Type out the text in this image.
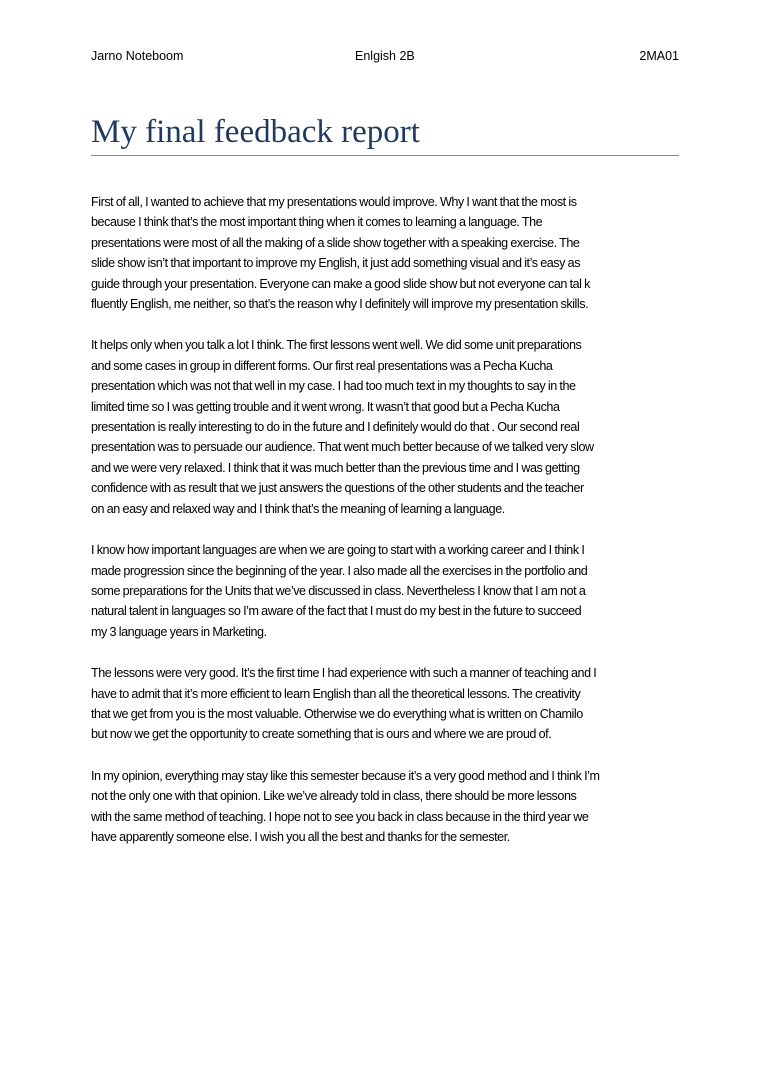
Jarno Noteboom	Enlgish 2B	2MA01
My final feedback report

First of all, I wanted to achieve that my presentations would improve. Why I want that the most is
because I think that’s the most important thing when it comes to learning a language. The
presentations were most of all the making of a slide show together with a speaking exercise. The
slide show isn’t that important to improve my English, it just add something visual and it’s easy as
guide through your presentation. Everyone can make a good slide show but not everyone can tal k
fluently English, me neither, so that’s the reason why I definitely will improve my presentation skills.

It helps only when you talk a lot I think. The first lessons went well. We did some unit preparations
and some cases in group in different forms. Our first real presentations was a Pecha Kucha
presentation which was not that well in my case. I had too much text in my thoughts to say in the
limited time so I was getting trouble and it went wrong. It wasn’t that good but a Pecha Kucha
presentation is really interesting to do in the future and I definitely would do that . Our second real
presentation was to persuade our audience. That went much better because of we talked very slow
and we were very relaxed. I think that it was much better than the previous time and I was getting
confidence with as result that we just answers the questions of the other students and the teacher
on an easy and relaxed way and I think that’s the meaning of learning a language.

I know how important languages are when we are going to start with a working career and I think I
made progression since the beginning of the year. I also made all the exercises in the portfolio and
some preparations for the Units that we’ve discussed in class. Nevertheless I know that I am not a
natural talent in languages so I’m aware of the fact that I must do my best in the future to succeed
my 3 language years in Marketing.

The lessons were very good. It’s the first time I had experience with such a manner of teaching and I
have to admit that it’s more efficient to learn English than all the theoretical lessons. The creativity
that we get from you is the most valuable. Otherwise we do everything what is written on Chamilo
but now we get the opportunity to create something that is ours and where we are proud of.

In my opinion, everything may stay like this semester because it’s a very good method and I think I’m
not the only one with that opinion. Like we’ve already told in class, there should be more lessons
with the same method of teaching. I hope not to see you back in class because in the third year we
have apparently someone else. I wish you all the best and thanks for the semester.
